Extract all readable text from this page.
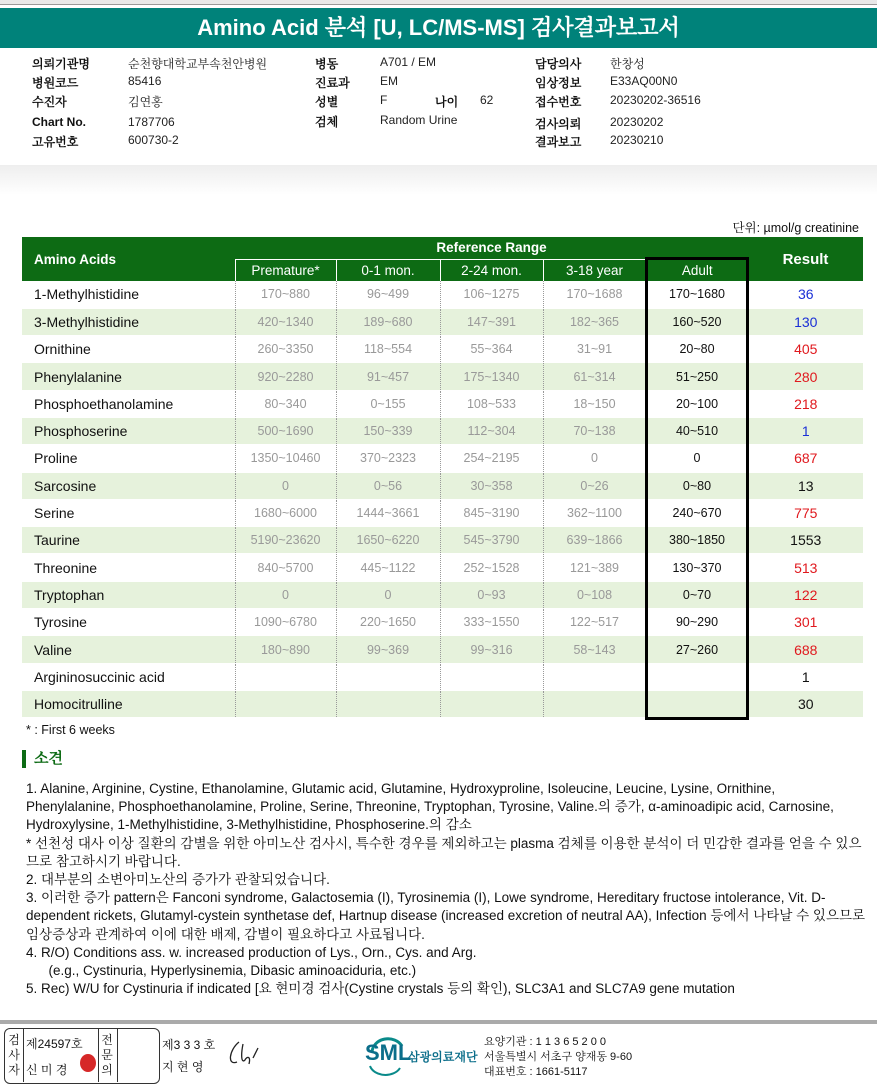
Amino Acid 분석 [U, LC/MS-MS] 검사결과보고서
의뢰기관명	순천향대학교부속천안병원
병원코드	85416
수진자	김연홍
Chart No.	1787706
고유번호	600730-2
병동	A701 / EM
진료과	EM
성별	F	나이 62
검체	Random Urine
담당의사 한창성
임상정보 E33AQ00N0
접수번호 20230202-36516
검사의뢰 20230202
결과보고 20230210
단위: µmol/g creatinine
Amino Acids	Reference Range					Result
	Premature*	0-1 mon.	2-24 mon.	3-18 year	Adult	
1-Methylhistidine	170~880	96~499	106~1275	170~1688	170~1680	36
3-Methylhistidine	420~1340	189~680	147~391	182~365	160~520	130
Ornithine	260~3350	118~554	55~364	31~91	20~80	405
Phenylalanine	920~2280	91~457	175~1340	61~314	51~250	280
Phosphoethanolamine	80~340	0~155	108~533	18~150	20~100	218
Phosphoserine	500~1690	150~339	112~304	70~138	40~510	1
Proline	1350~10460	370~2323	254~2195	0	0	687
Sarcosine	0	0~56	30~358	0~26	0~80	13
Serine	1680~6000	1444~3661	845~3190	362~1100	240~670	775
Taurine	5190~23620	1650~6220	545~3790	639~1866	380~1850	1553
Threonine	840~5700	445~1122	252~1528	121~389	130~370	513
Tryptophan	0	0	0~93	0~108	0~70	122
Tyrosine	1090~6780	220~1650	333~1550	122~517	90~290	301
Valine	180~890	99~369	99~316	58~143	27~260	688
Argininosuccinic acid						1
Homocitrulline						30
* : First 6 weeks
소견
1. Alanine, Arginine, Cystine, Ethanolamine, Glutamic acid, Glutamine, Hydroxyproline, Isoleucine, Leucine, Lysine, Ornithine, Phenylalanine, Phosphoethanolamine, Proline, Serine, Threonine, Tryptophan, Tyrosine, Valine.의 증가, α-aminoadipic acid, Carnosine, Hydroxylysine, 1-Methylhistidine, 3-Methylhistidine, Phosphoserine.의 감소
* 선천성 대사 이상 질환의 감별을 위한 아미노산 검사시, 특수한 경우를 제외하고는 plasma 검체를 이용한 분석이 더 민감한 결과를 얻을 수 있으므로 참고하시기 바랍니다.
2. 대부분의 소변아미노산의 증가가 관찰되었습니다.
3. 이러한 증가 pattern은 Fanconi syndrome, Galactosemia (I), Tyrosinemia (I), Lowe syndrome, Hereditary fructose intolerance, Vit. D-dependent rickets, Glutamyl-cystein synthetase def, Hartnup disease (increased excretion of neutral AA), Infection 등에서 나타날 수 있으므로 임상증상과 관계하여 이에 대한 배제, 감별이 필요하다고 사료됩니다.
4. R/O) Conditions ass. w. increased production of Lys., Orn., Cys. and Arg.
(e.g., Cystinuria, Hyperlysinemia, Dibasic aminoaciduria, etc.)
5. Rec) W/U for Cystinuria if indicated [요 현미경 검사(Cystine crystals 등의 확인), SLC3A1 and SLC7A9 gene mutation
검사자
제24597호
신 미 경
전문의
제3 3 3 호
지 현 영
SML
삼광의료재단
요양기관 : 1 1 3 6 5 2 0 0
서울특별시 서초구 양재동 9-60
대표번호 : 1661-5117
